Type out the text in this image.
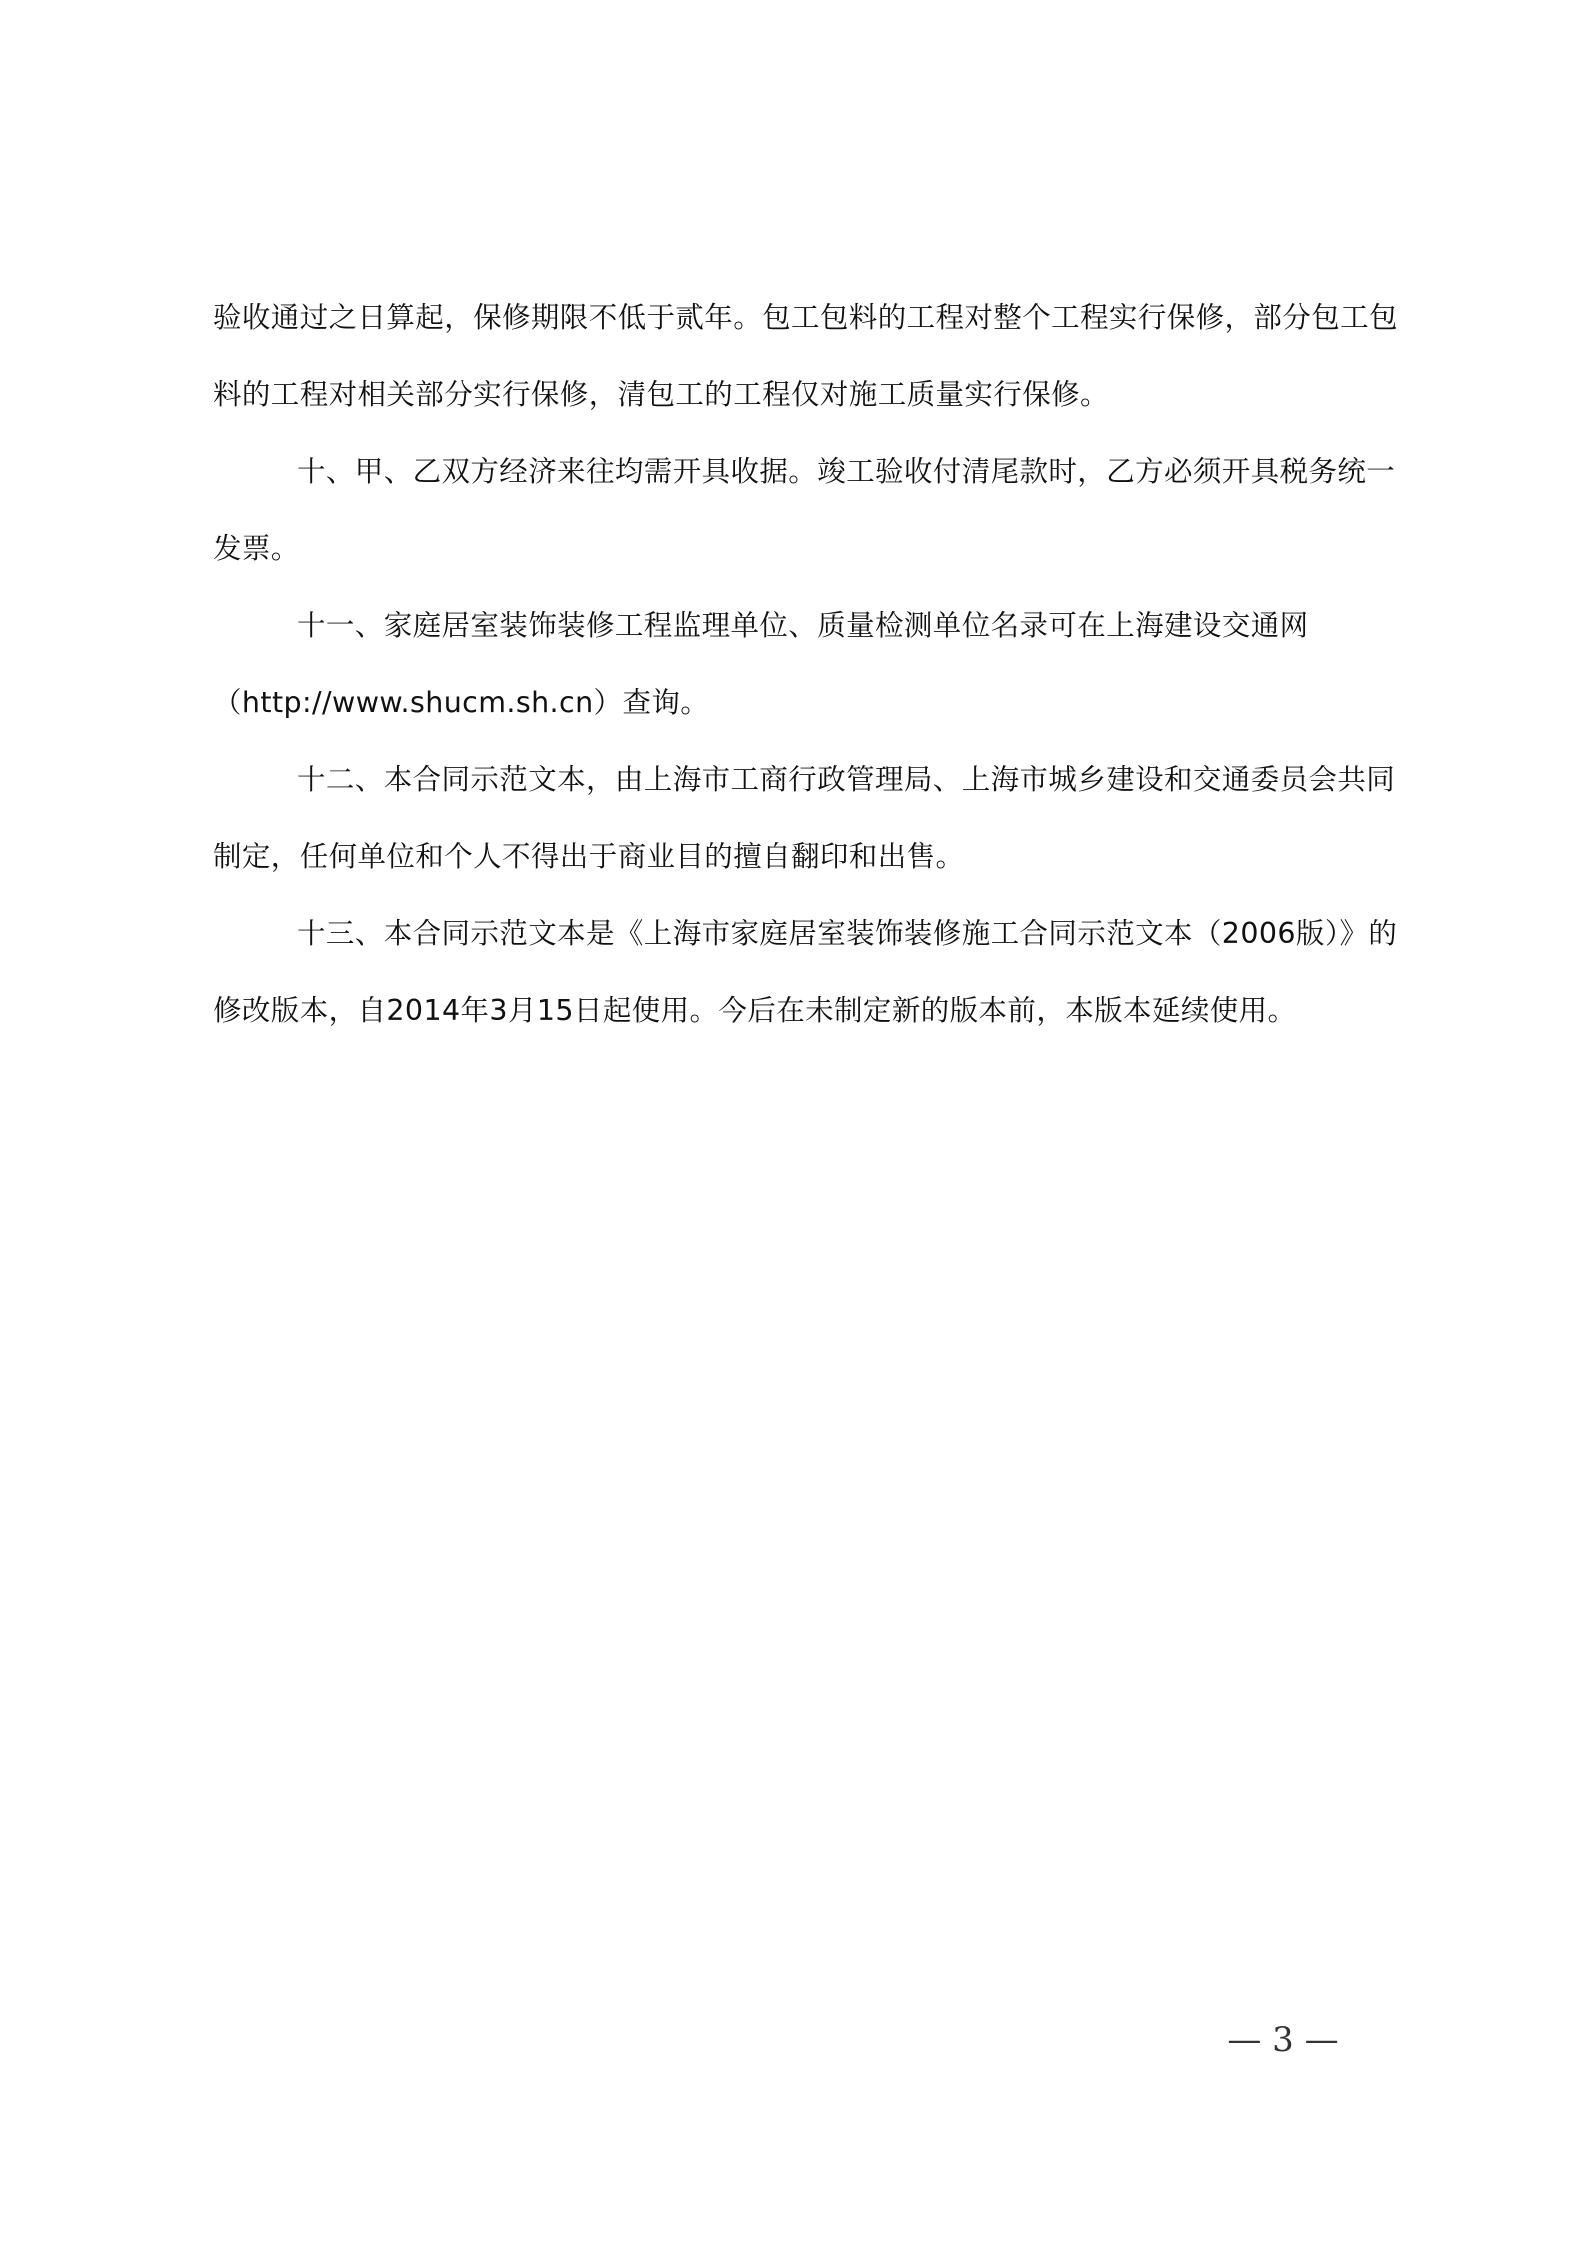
验收通过之日算起，保修期限不低于贰年。包工包料的工程对整个工程实行保修，部分包工包
料的工程对相关部分实行保修，清包工的工程仅对施工质量实行保修。

十、甲、乙双方经济来往均需开具收据。竣工验收付清尾款时，乙方必须开具税务统一
发票。

十一、家庭居室装饰装修工程监理单位、质量检测单位名录可在上海建设交通网
（http://www.shucm.sh.cn）查询。

十二、本合同示范文本，由上海市工商行政管理局、上海市城乡建设和交通委员会共同
制定，任何单位和个人不得出于商业目的擅自翻印和出售。

十三、本合同示范文本是《上海市家庭居室装饰装修施工合同示范文本（2006版）》的
修改版本，自2014年3月15日起使用。今后在未制定新的版本前，本版本延续使用。

— 3 —
